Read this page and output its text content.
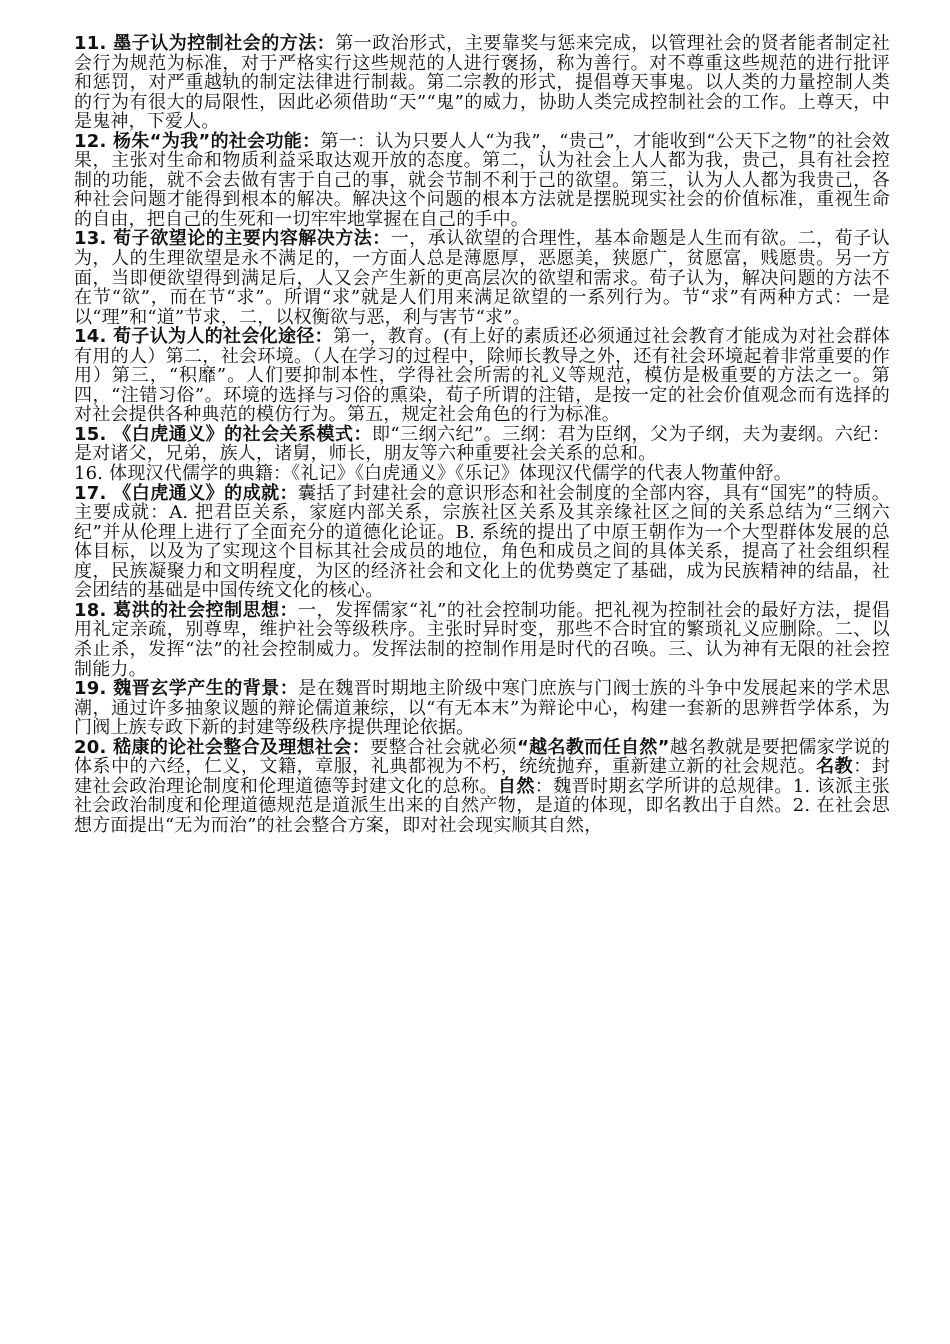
11. 墨子认为控制社会的方法：第一政治形式，主要靠奖与惩来完成，以管理社会的贤者能者制定社会行为规范为标准，对于严格实行这些规范的人进行褒扬，称为善行。对不尊重这些规范的进行批评和惩罚，对严重越轨的制定法律进行制裁。第二宗教的形式，提倡尊天事鬼。以人类的力量控制人类的行为有很大的局限性，因此必须借助“天”“鬼”的威力，协助人类完成控制社会的工作。上尊天，中是鬼神，下爱人。

12. 杨朱“为我”的社会功能：第一：认为只要人人“为我”，“贵己”，才能收到“公天下之物”的社会效果，主张对生命和物质利益采取达观开放的态度。第二，认为社会上人人都为我，贵己，具有社会控制的功能，就不会去做有害于自己的事，就会节制不利于己的欲望。第三，认为人人都为我贵己，各种社会问题才能得到根本的解决。解决这个问题的根本方法就是摆脱现实社会的价值标准，重视生命的自由，把自己的生死和一切牢牢地掌握在自己的手中。

13. 荀子欲望论的主要内容解决方法：一，承认欲望的合理性，基本命题是人生而有欲。二，荀子认为，人的生理欲望是永不满足的，一方面人总是薄愿厚，恶愿美，狭愿广，贫愿富，贱愿贵。另一方面，当即便欲望得到满足后，人又会产生新的更高层次的欲望和需求。荀子认为，解决问题的方法不在节“欲”，而在节“求”。所谓“求”就是人们用来满足欲望的一系列行为。节“求”有两种方式：一是以“理”和“道”节求，二，以权衡欲与恶，利与害节“求”。

14. 荀子认为人的社会化途径：第一，教育。(有上好的素质还必须通过社会教育才能成为对社会群体有用的人）第二，社会环境。（人在学习的过程中，除师长教导之外，还有社会环境起着非常重要的作用）第三，“积靡”。人们要抑制本性，学得社会所需的礼义等规范，模仿是极重要的方法之一。第四，“注错习俗”。环境的选择与习俗的熏染，荀子所谓的注错，是按一定的社会价值观念而有选择的对社会提供各种典范的模仿行为。第五，规定社会角色的行为标准。

15. 《白虎通义》的社会关系模式：即“三纲六纪”。三纲：君为臣纲，父为子纲，夫为妻纲。六纪：是对诸父，兄弟，族人，诸舅，师长，朋友等六种重要社会关系的总和。

16. 体现汉代儒学的典籍：《礼记》《白虎通义》《乐记》体现汉代儒学的代表人物董仲舒。

17. 《白虎通义》的成就：囊括了封建社会的意识形态和社会制度的全部内容，具有“国宪”的特质。主要成就：A. 把君臣关系，家庭内部关系，宗族社区关系及其亲缘社区之间的关系总结为“三纲六纪”并从伦理上进行了全面充分的道德化论证。B. 系统的提出了中原王朝作为一个大型群体发展的总体目标，以及为了实现这个目标其社会成员的地位，角色和成员之间的具体关系，提高了社会组织程度，民族凝聚力和文明程度，为区的经济社会和文化上的优势奠定了基础，成为民族精神的结晶，社会团结的基础是中国传统文化的核心。

18. 葛洪的社会控制思想：一，发挥儒家“礼”的社会控制功能。把礼视为控制社会的最好方法，提倡用礼定亲疏，别尊卑，维护社会等级秩序。主张时异时变，那些不合时宜的繁琐礼义应删除。二、以杀止杀，发挥“法”的社会控制威力。发挥法制的控制作用是时代的召唤。三、认为神有无限的社会控制能力。

19. 魏晋玄学产生的背景：是在魏晋时期地主阶级中寒门庶族与门阀士族的斗争中发展起来的学术思潮，通过许多抽象议题的辩论儒道兼综，以“有无本末”为辩论中心，构建一套新的思辨哲学体系，为门阀上族专政下新的封建等级秩序提供理论依据。

20. 嵇康的论社会整合及理想社会：要整合社会就必须“越名教而任自然”越名教就是要把儒家学说的体系中的六经，仁义，文籍，章服，礼典都视为不朽，统统抛弃，重新建立新的社会规范。名教：封建社会政治理论制度和伦理道德等封建文化的总称。自然：魏晋时期玄学所讲的总规律。1. 该派主张社会政治制度和伦理道德规范是道派生出来的自然产物，是道的体现，即名教出于自然。2. 在社会思想方面提出“无为而治”的社会整合方案，即对社会现实顺其自然，
